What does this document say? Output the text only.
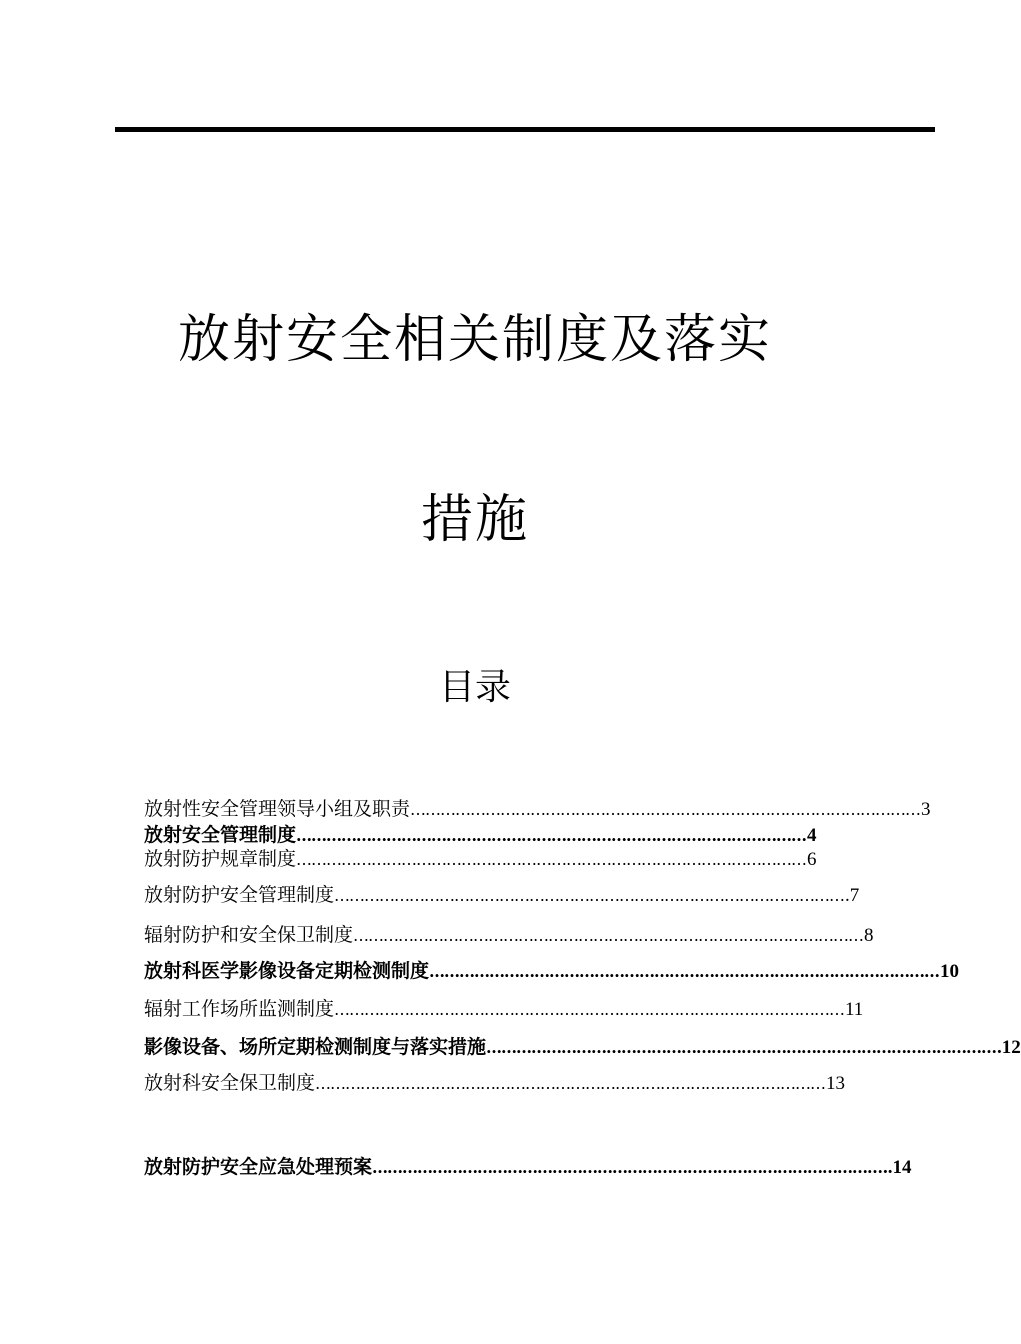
放射安全相关制度及落实
措施
目录
放射性安全管理领导小组及职责 ………………………………………………………………………………………… 3
放射安全管理制度 ………………………………………………………………………………………… 4
放射防护规章制度 ………………………………………………………………………………………… 6
放射防护安全管理制度 ………………………………………………………………………………………… .7
辐射防护和安全保卫制度 ………………………………………………………………………………………… 8
放射科医学影像设备定期检测制度 ………………………………………………………………………………………… 10
辐射工作场所监测制度 ………………………………………………………………………………………… 11
影像设备、场所定期检测制度与落实措施 ………………………………………………………………………………………… .12
放射科安全保卫制度 ………………………………………………………………………………………… 13
放射防护安全应急处理预案 ………………………………………………………………………………………… ..14
